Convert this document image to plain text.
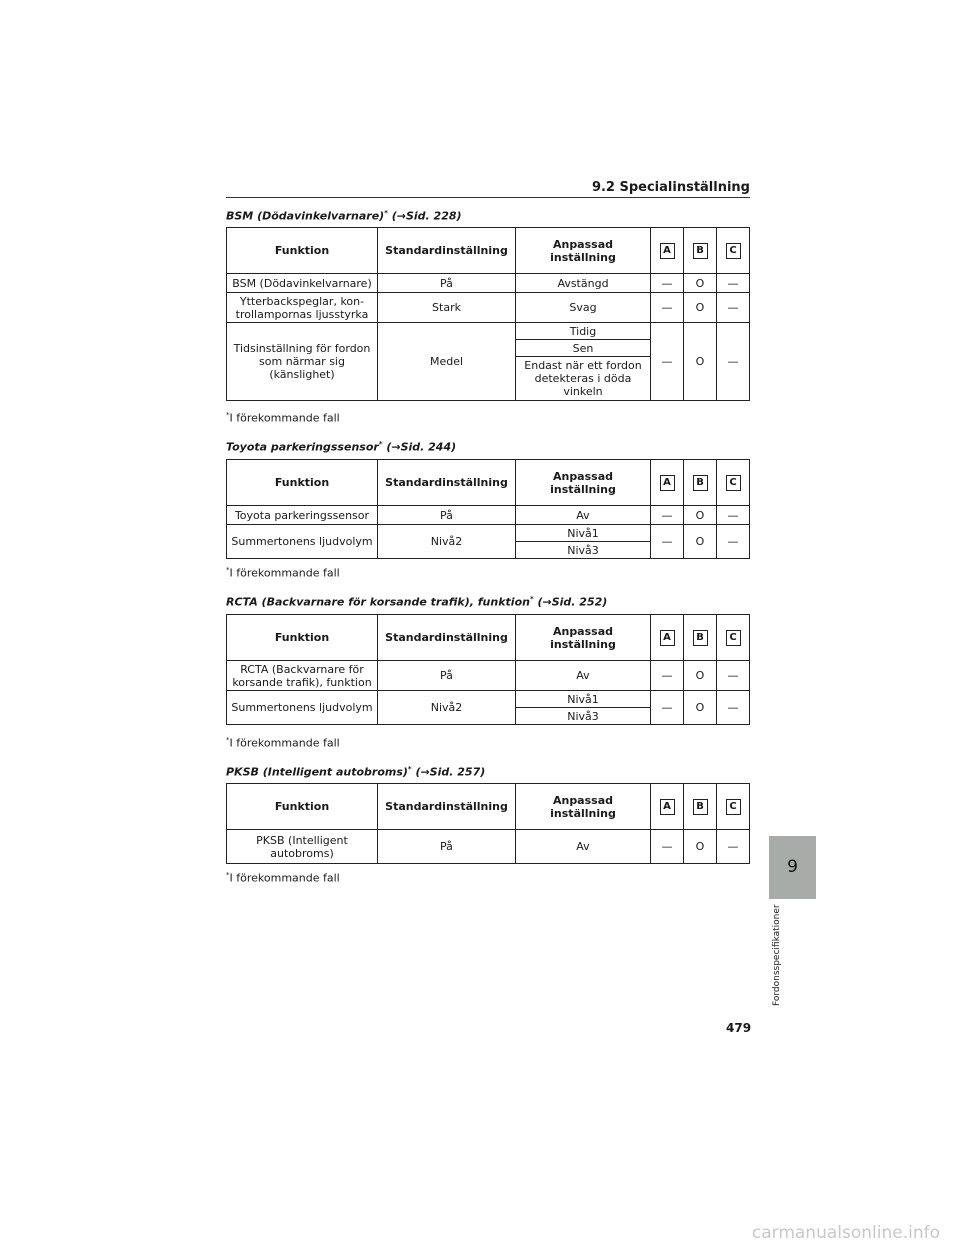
9.2 Specialinställning
BSM (Dödavinkelvarnare)* (→Sid. 228)
Funktion	Standardinställning	Anpassad inställning	A	B	C
BSM (Dödavinkelvarnare)	På	Avstängd	—	O	—
Ytterbackspeglar, kon-trollampornas ljusstyrka	Stark	Svag	—	O	—
Tidsinställning för fordon som närmar sig (känslighet)	Medel	Tidig	—	O	—
		Sen			
		Endast när ett fordon detekteras i döda vinkeln			
*I förekommande fall
Toyota parkeringssensor* (→Sid. 244)
Funktion	Standardinställning	Anpassad inställning	A	B	C
Toyota parkeringssensor	På	Av	—	O	—
Summertonens ljudvolym	Nivå2	Nivå1	—	O	—
		Nivå3			
*I förekommande fall
RCTA (Backvarnare för korsande trafik), funktion* (→Sid. 252)
Funktion	Standardinställning	Anpassad inställning	A	B	C
RCTA (Backvarnare för korsande trafik), funktion	På	Av	—	O	—
Summertonens ljudvolym	Nivå2	Nivå1	—	O	—
		Nivå3			
*I förekommande fall
PKSB (Intelligent autobroms)* (→Sid. 257)
Funktion	Standardinställning	Anpassad inställning	A	B	C
PKSB (Intelligent autobroms)	På	Av	—	O	—
*I förekommande fall
9
Fordonsspecifikationer
479
carmanualsonline.info
